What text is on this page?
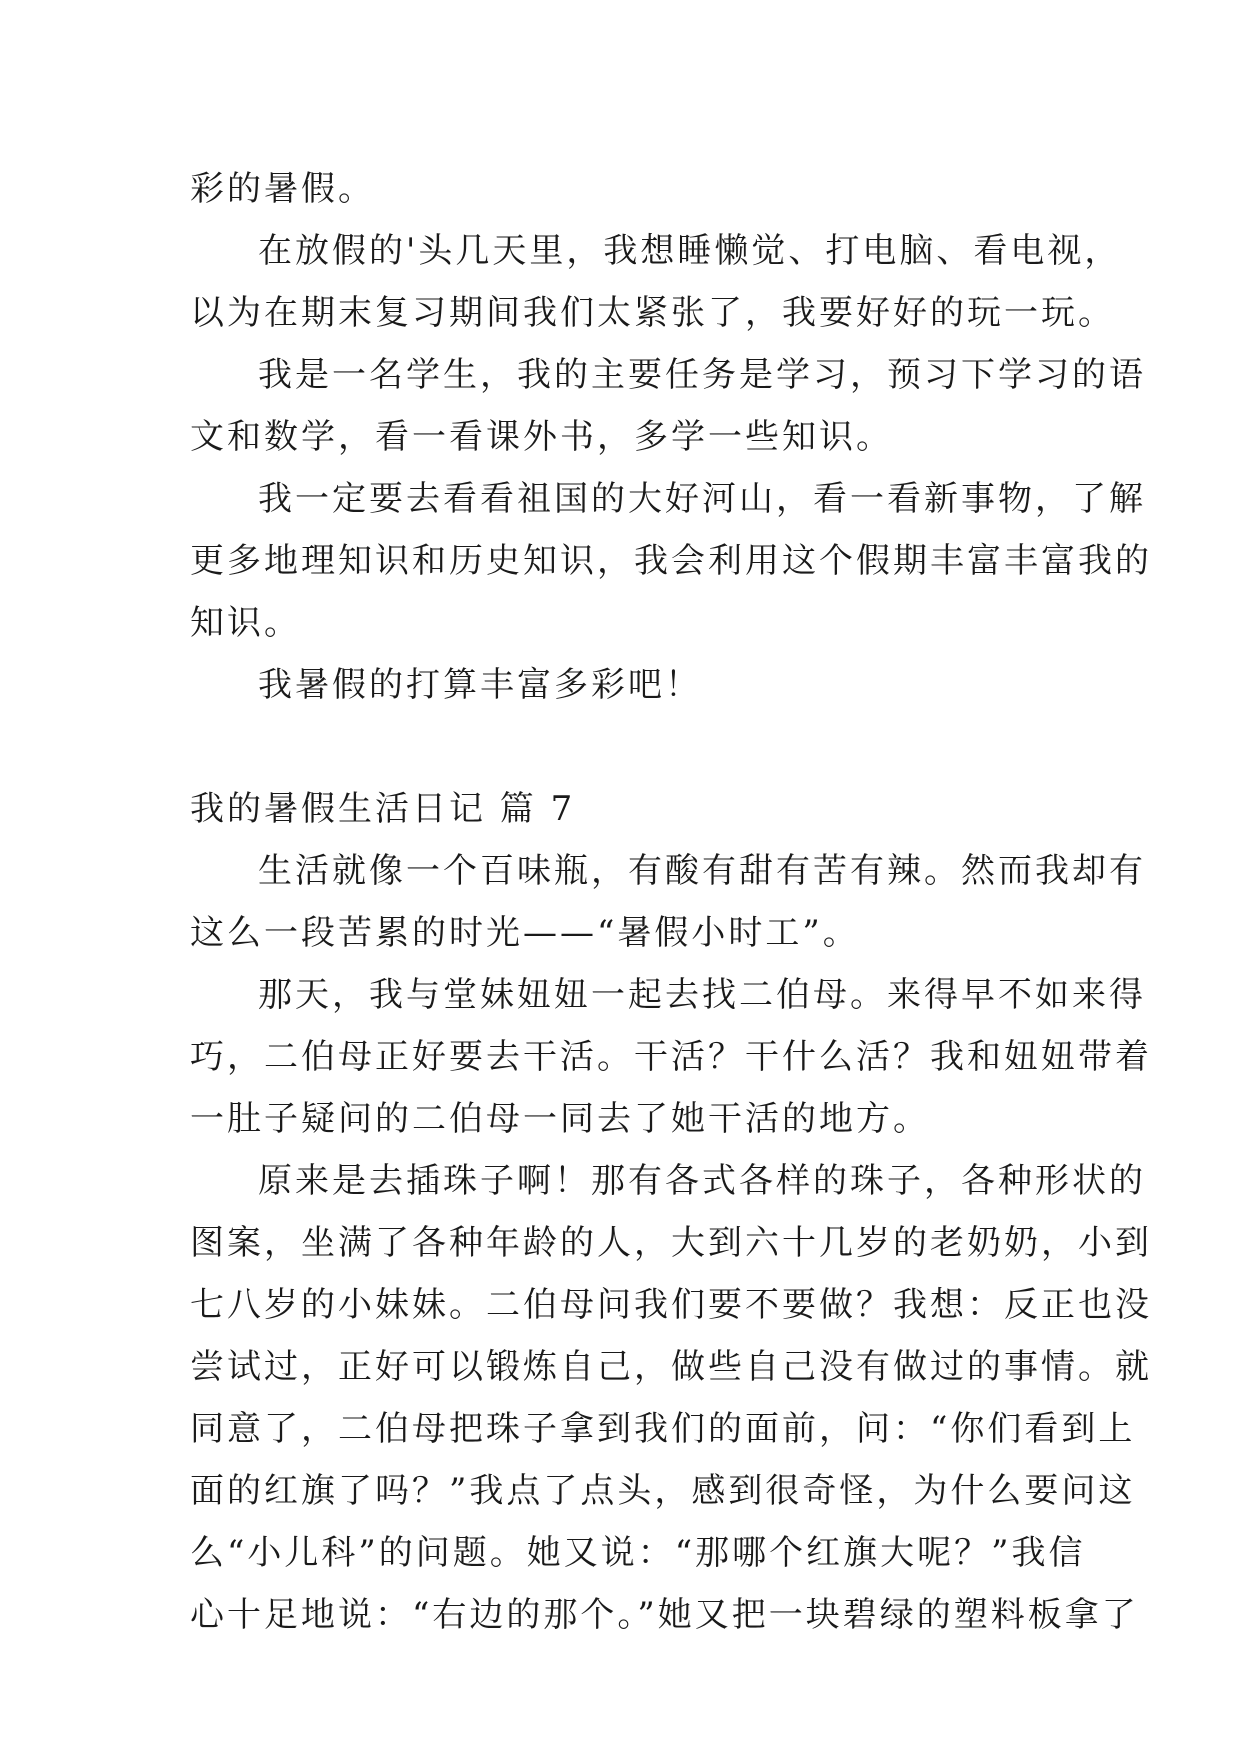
彩的暑假。
在放假的'头几天里，我想睡懒觉、打电脑、看电视，
以为在期末复习期间我们太紧张了，我要好好的玩一玩。
我是一名学生，我的主要任务是学习，预习下学习的语
文和数学，看一看课外书，多学一些知识。
我一定要去看看祖国的大好河山，看一看新事物，了解
更多地理知识和历史知识，我会利用这个假期丰富丰富我的
知识。
我暑假的打算丰富多彩吧！
我的暑假生活日记 篇 7
生活就像一个百味瓶，有酸有甜有苦有辣。然而我却有
这么一段苦累的时光——“暑假小时工”。
那天，我与堂妹妞妞一起去找二伯母。来得早不如来得
巧，二伯母正好要去干活。干活？干什么活？我和妞妞带着
一肚子疑问的二伯母一同去了她干活的地方。
原来是去插珠子啊！那有各式各样的珠子，各种形状的
图案，坐满了各种年龄的人，大到六十几岁的老奶奶，小到
七八岁的小妹妹。二伯母问我们要不要做？我想：反正也没
尝试过，正好可以锻炼自己，做些自己没有做过的事情。就
同意了，二伯母把珠子拿到我们的面前，问：“你们看到上
面的红旗了吗？”我点了点头，感到很奇怪，为什么要问这
么“小儿科”的问题。她又说：“那哪个红旗大呢？”我信
心十足地说：“右边的那个。”她又把一块碧绿的塑料板拿了
